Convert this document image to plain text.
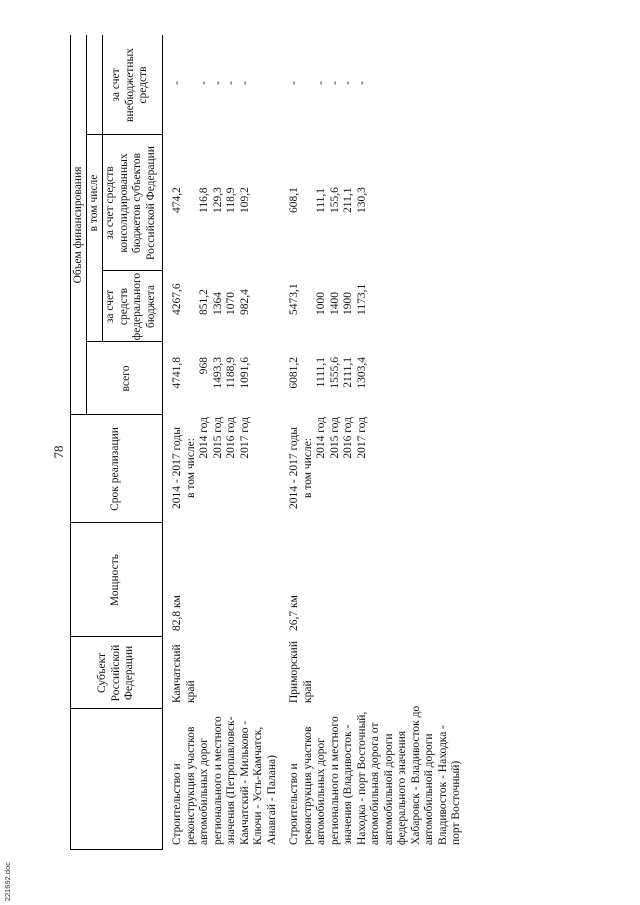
78
Субъект Российской Федерации
Мощность
Срок реализации
Объем финансирования
всего
в том числе
за счет средств федерального бюджета
за счет средств консолидированных бюджетов субъектов Российской Федерации
за счет внебюджетных средств
Строительство и реконструкция участков автомобильных дорог регионального и местного значения (Петропавловск- Камчатский - Мильково - Ключи - Усть-Камчатск, Анавгай - Палана)
Камчатский край
82,8 км
2014 - 2017 годы в том числе:
2014 год 2015 год 2016 год 2017 год
4741,8
968 1493,3 1188,9 1091,6
4267,6
851,2 1364 1070 982,4
474,2
116,8 129,3 118,9 109,2
-
- - - -
Строительство и реконструкция участков автомобильных дорог регионального и местного значения (Владивосток - Находка - порт Восточный, автомобильная дорога от автомобильной дороги федерального значения Хабаровск - Владивосток до автомобильной дороги Владивосток - Находка - порт Восточный)
Приморский край
26,7 км
2014 - 2017 годы в том числе:
2014 год 2015 год 2016 год 2017 год
6081,2
1111,1 1555,6 2111,1 1303,4
5473,1
1000 1400 1900 1173,1
608,1
111,1 155,6 211,1 130,3
-
- - - -
221692.doc
